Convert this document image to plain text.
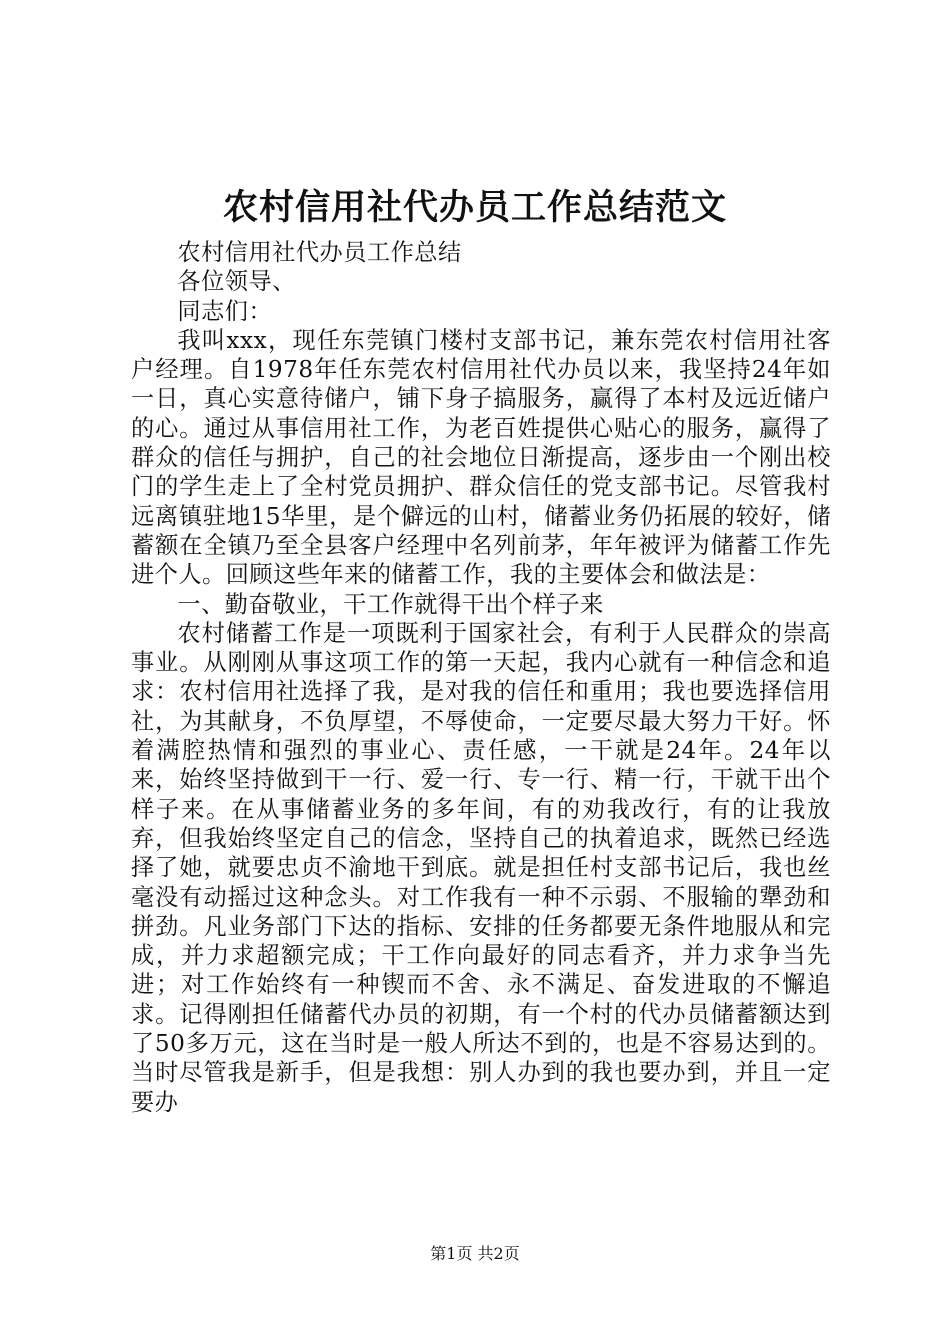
农村信用社代办员工作总结范文

农村信用社代办员工作总结

各位领导、

同志们：

我叫xxx，现任东莞镇门楼村支部书记，兼东莞农村信用社客户经理。自1978年任东莞农村信用社代办员以来，我坚持24年如一日，真心实意待储户，铺下身子搞服务，赢得了本村及远近储户的心。通过从事信用社工作，为老百姓提供心贴心的服务，赢得了群众的信任与拥护，自己的社会地位日渐提高，逐步由一个刚出校门的学生走上了全村党员拥护、群众信任的党支部书记。尽管我村远离镇驻地15华里，是个僻远的山村，储蓄业务仍拓展的较好，储蓄额在全镇乃至全县客户经理中名列前茅，年年被评为储蓄工作先进个人。回顾这些年来的储蓄工作，我的主要体会和做法是：

一、勤奋敬业，干工作就得干出个样子来

农村储蓄工作是一项既利于国家社会，有利于人民群众的崇高事业。从刚刚从事这项工作的第一天起，我内心就有一种信念和追求：农村信用社选择了我，是对我的信任和重用；我也要选择信用社，为其献身，不负厚望，不辱使命，一定要尽最大努力干好。怀着满腔热情和强烈的事业心、责任感，一干就是24年。24年以来，始终坚持做到干一行、爱一行、专一行、精一行，干就干出个样子来。在从事储蓄业务的多年间，有的劝我改行，有的让我放弃，但我始终坚定自己的信念，坚持自己的执着追求，既然已经选择了她，就要忠贞不渝地干到底。就是担任村支部书记后，我也丝毫没有动摇过这种念头。对工作我有一种不示弱、不服输的犟劲和拼劲。凡业务部门下达的指标、安排的任务都要无条件地服从和完成，并力求超额完成；干工作向最好的同志看齐，并力求争当先进；对工作始终有一种锲而不舍、永不满足、奋发进取的不懈追求。记得刚担任储蓄代办员的初期，有一个村的代办员储蓄额达到了50多万元，这在当时是一般人所达不到的，也是不容易达到的。当时尽管我是新手，但是我想：别人办到的我也要办到，并且一定要办

第1页 共2页
